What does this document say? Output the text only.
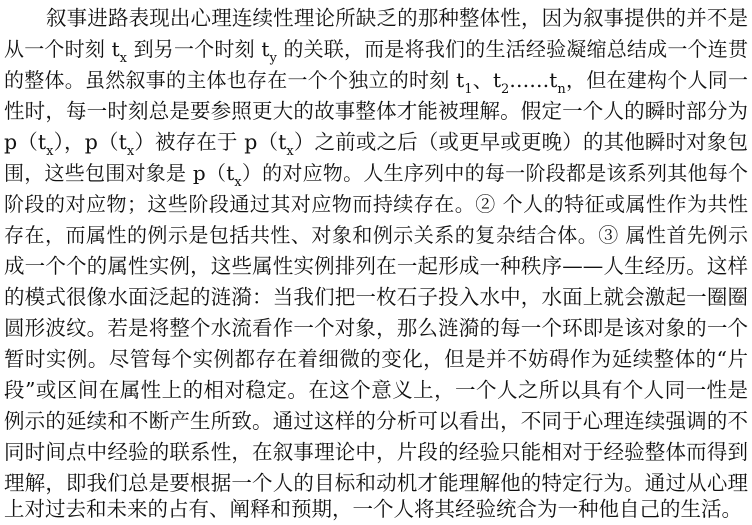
叙事进路表现出心理连续性理论所缺乏的那种整体性，因为叙事提供的并不是
从一个时刻 $t_x$ 到另一个时刻 $t_y$ 的关联，而是将我们的生活经验凝缩总结成一个连贯
的整体。虽然叙事的主体也存在一个个独立的时刻 $t_1$、$t_2\dots\dots t_n$，但在建构个人同一
性时，每一时刻总是要参照更大的故事整体才能被理解。假定一个人的瞬时部分为
$p(t_x)$，$p(t_x)$被存在于 $p(t_x)$之前或之后（或更早或更晚）的其他瞬时对象包
围，这些包围对象是 $p(t_x)$的对应物。人生序列中的每一阶段都是该系列其他每个
阶段的对应物；这些阶段通过其对应物而持续存在。② 个人的特征或属性作为共性
存在，而属性的例示是包括共性、对象和例示关系的复杂结合体。③ 属性首先例示
成一个个的属性实例，这些属性实例排列在一起形成一种秩序——人生经历。这样
的模式很像水面泛起的涟漪：当我们把一枚石子投入水中，水面上就会激起一圈圈
圆形波纹。若是将整个水流看作一个对象，那么涟漪的每一个环即是该对象的一个
暂时实例。尽管每个实例都存在着细微的变化，但是并不妨碍作为延续整体的“片
段”或区间在属性上的相对稳定。在这个意义上，一个人之所以具有个人同一性是
例示的延续和不断产生所致。通过这样的分析可以看出，不同于心理连续强调的不
同时间点中经验的联系性，在叙事理论中，片段的经验只能相对于经验整体而得到
理解，即我们总是要根据一个人的目标和动机才能理解他的特定行为。通过从心理
上对过去和未来的占有、阐释和预期，一个人将其经验统合为一种他自己的生活。
